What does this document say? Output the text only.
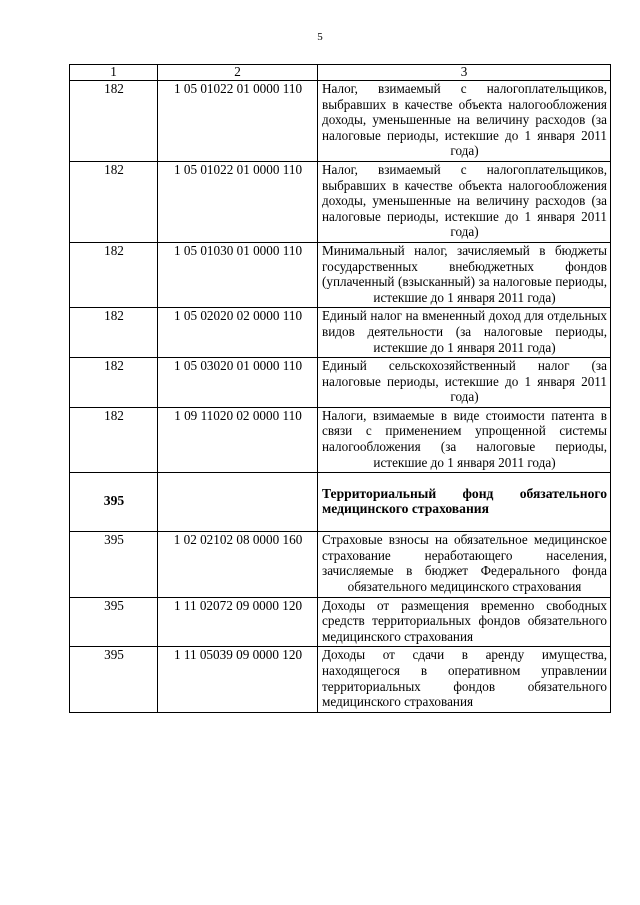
5
1	2	3
182	1 05 01022 01 0000 110	Налог, взимаемый с налогоплательщиков, выбравших в качестве объекта налогообложения доходы, уменьшенные на величину расходов (за налоговые периоды, истекшие до 1 января 2011 года)
182	1 05 01022 01 0000 110	Налог, взимаемый с налогоплательщиков, выбравших в качестве объекта налогообложения доходы, уменьшенные на величину расходов (за налоговые периоды, истекшие до 1 января 2011 года)
182	1 05 01030 01 0000 110	Минимальный налог, зачисляемый в бюджеты государственных внебюджетных фондов (уплаченный (взысканный) за налоговые периоды, истекшие до 1 января 2011 года)
182	1 05 02020 02 0000 110	Единый налог на вмененный доход для отдельных видов деятельности (за налоговые периоды, истекшие до 1 января 2011 года)
182	1 05 03020 01 0000 110	Единый сельскохозяйственный налог (за налоговые периоды, истекшие до 1 января 2011 года)
182	1 09 11020 02 0000 110	Налоги, взимаемые в виде стоимости патента в связи с применением упрощенной системы налогообложения (за налоговые периоды, истекшие до 1 января 2011 года)
395		Территориальный фонд обязательного медицинского страхования
395	1 02 02102 08 0000 160	Страховые взносы на обязательное медицинское страхование неработающего населения, зачисляемые в бюджет Федерального фонда обязательного медицинского страхования
395	1 11 02072 09 0000 120	Доходы от размещения временно свободных средств территориальных фондов обязательного медицинского страхования
395	1 11 05039 09 0000 120	Доходы от сдачи в аренду имущества, находящегося в оперативном управлении территориальных фондов обязательного медицинского страхования
